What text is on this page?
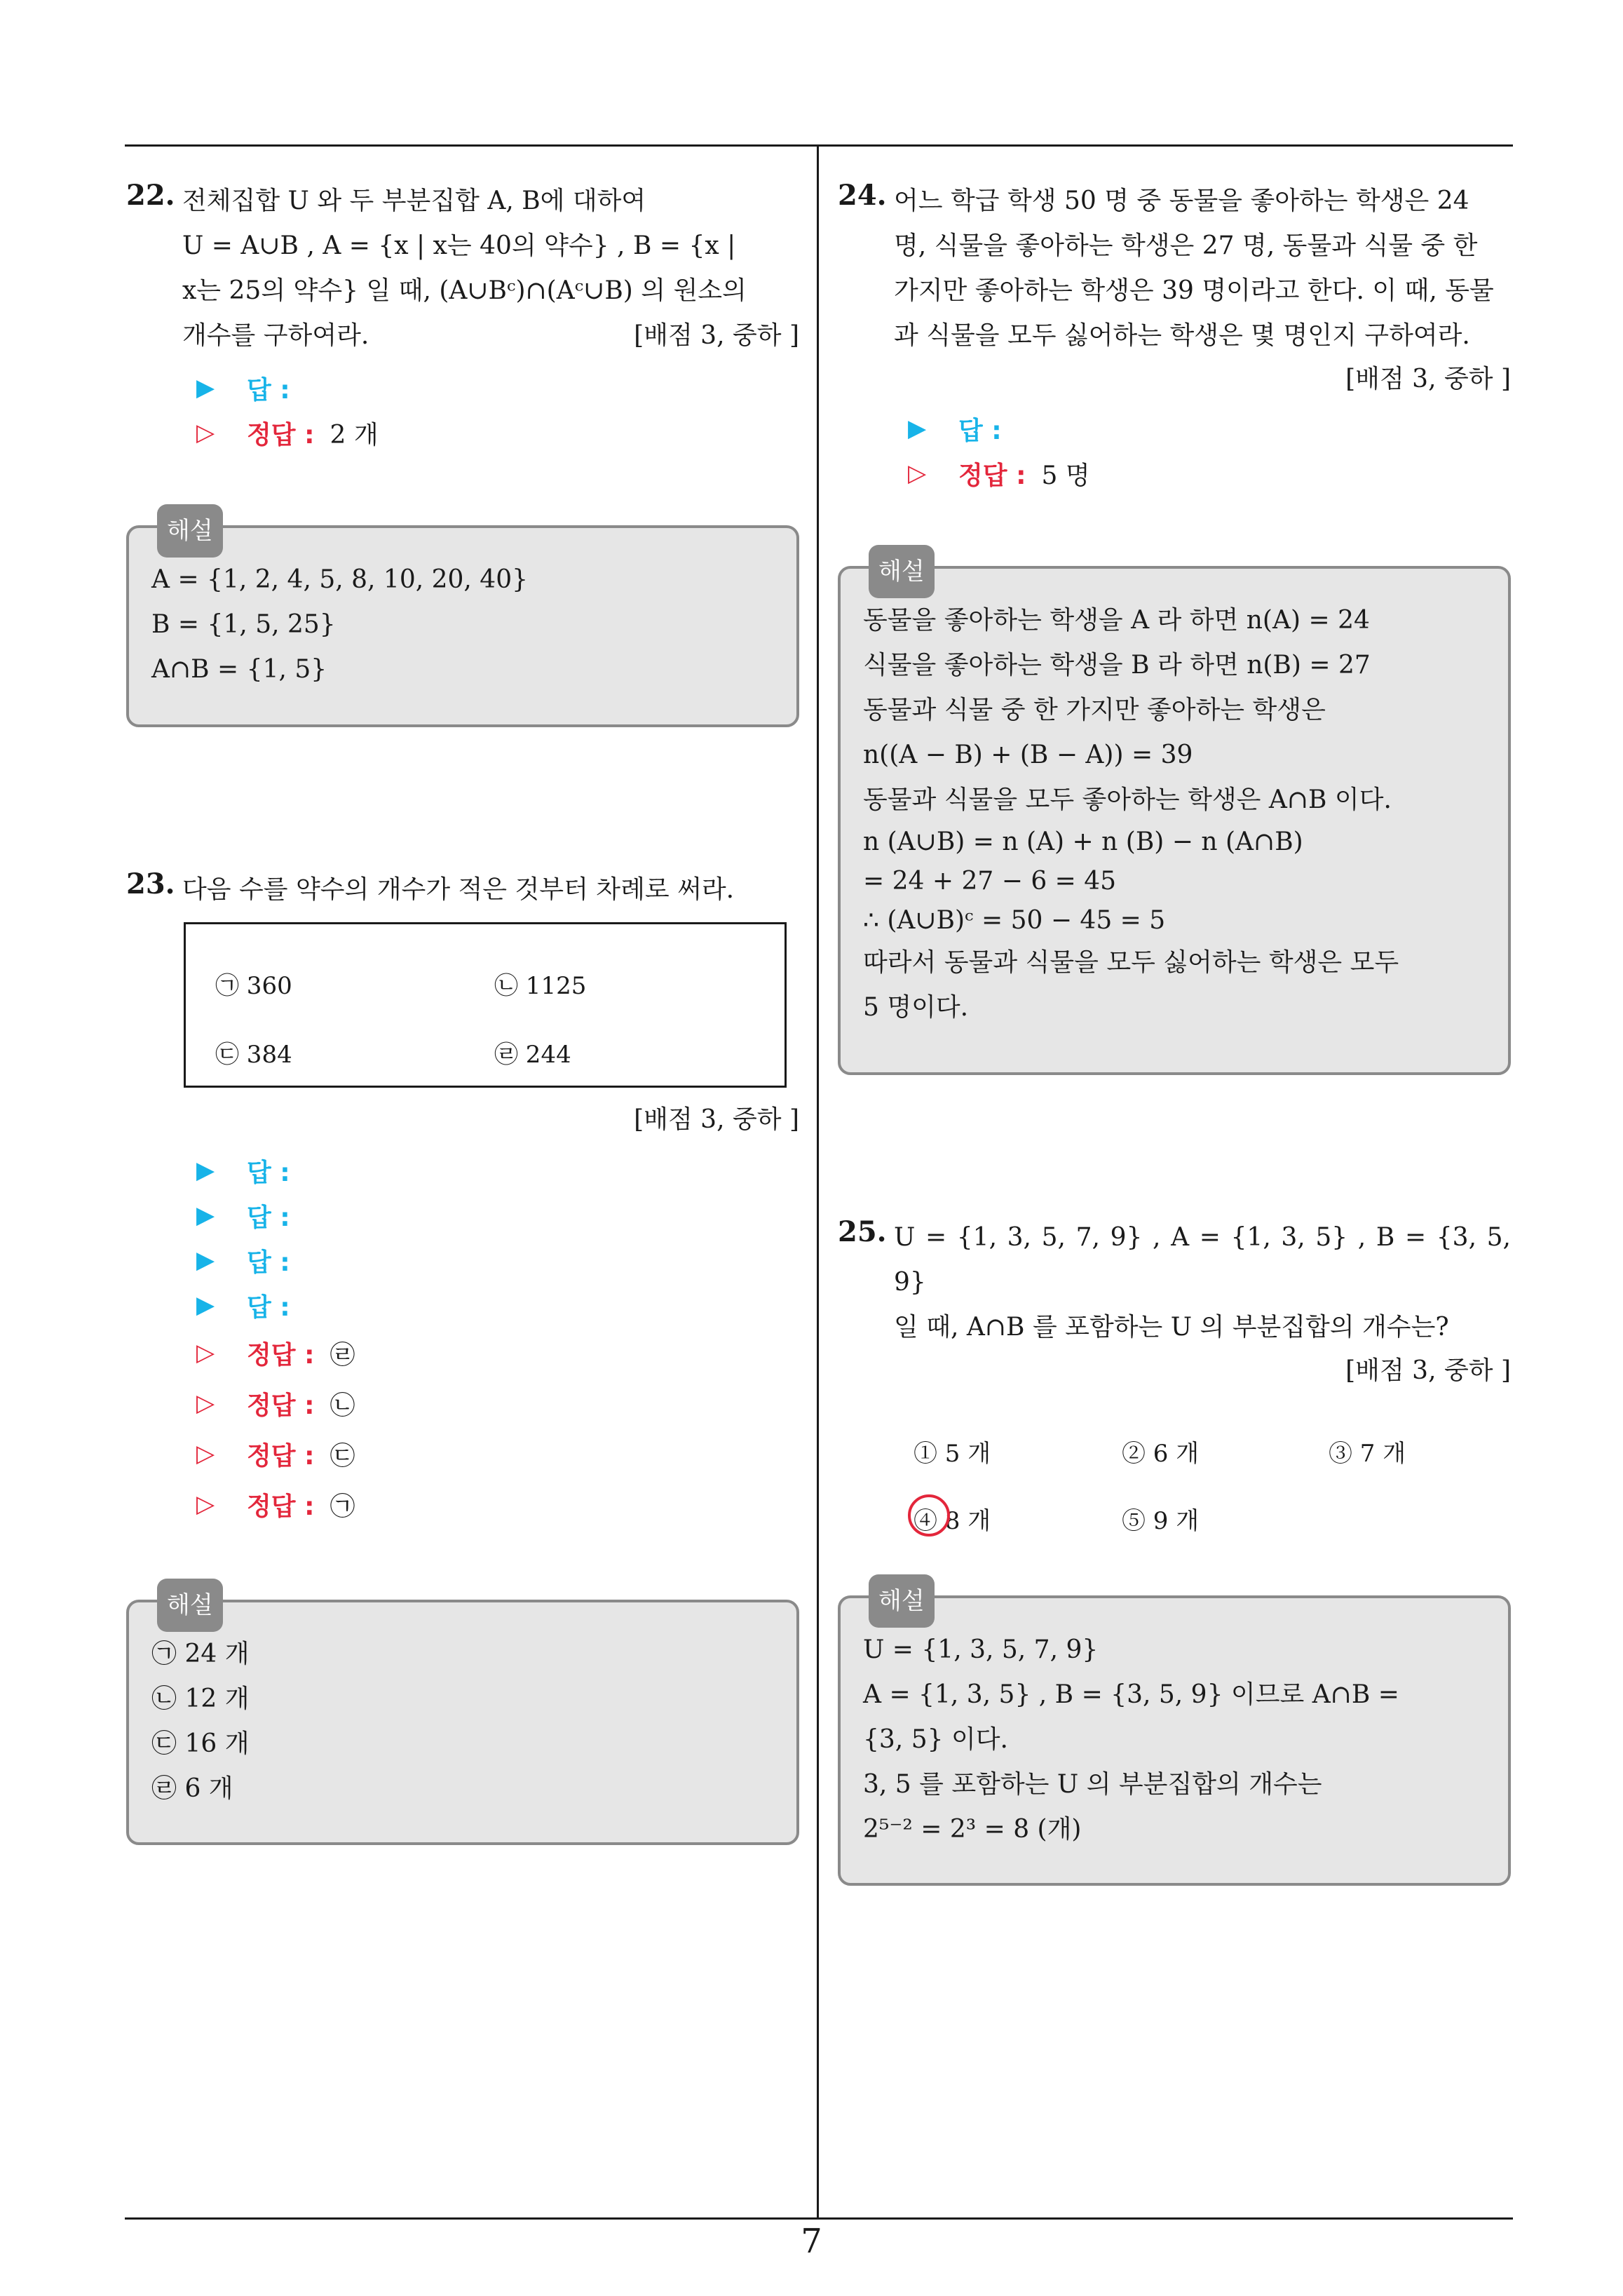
22. 전체집합 U 와 두 부분집합 A, B에 대하여
U = A∪B , A = {x | x는 40의 약수} , B = {x |
x는 25의 약수} 일 때, (A∪Bᶜ)∩(Aᶜ∪B) 의 원소의
개수를 구하여라.	[배점 3, 중하 ]
▶	답 :
▷	정답 : 2 개
해설
A = {1, 2, 4, 5, 8, 10, 20, 40}
B = {1, 5, 25}
A∩B = {1, 5}
23. 다음 수를 약수의 개수가 적은 것부터 차례로 써라.
㉠ 360	㉡ 1125
㉢ 384	㉣ 244
[배점 3, 중하 ]
▶	답 :
▶	답 :
▶	답 :
▶	답 :
▷	정답 : ㉣
▷	정답 : ㉡
▷	정답 : ㉢
▷	정답 : ㉠
해설
㉠ 24 개
㉡ 12 개
㉢ 16 개
㉣ 6 개
24. 어느 학급 학생 50 명 중 동물을 좋아하는 학생은 24
명, 식물을 좋아하는 학생은 27 명, 동물과 식물 중 한
가지만 좋아하는 학생은 39 명이라고 한다. 이 때, 동물
과 식물을 모두 싫어하는 학생은 몇 명인지 구하여라.
[배점 3, 중하 ]
▶	답 :
▷	정답 : 5 명
해설
동물을 좋아하는 학생을 A 라 하면 n(A) = 24
식물을 좋아하는 학생을 B 라 하면 n(B) = 27
동물과 식물 중 한 가지만 좋아하는 학생은
n((A − B) + (B − A)) = 39
동물과 식물을 모두 좋아하는 학생은 A∩B 이다.
n (A∪B) = n (A) + n (B) − n (A∩B)
= 24 + 27 − 6 = 45
∴ (A∪B)ᶜ = 50 − 45 = 5
따라서 동물과 식물을 모두 싫어하는 학생은 모두
5 명이다.
25. U = {1, 3, 5, 7, 9} , A = {1, 3, 5} , B = {3, 5, 9}
일 때, A∩B 를 포함하는 U 의 부분집합의 개수는?
[배점 3, 중하 ]
① 5 개	② 6 개	③ 7 개
④ 8 개	⑤ 9 개
해설
U = {1, 3, 5, 7, 9}
A = {1, 3, 5} , B = {3, 5, 9} 이므로 A∩B =
{3, 5} 이다.
3, 5 를 포함하는 U 의 부분집합의 개수는
2⁵⁻² = 2³ = 8 (개)
7
